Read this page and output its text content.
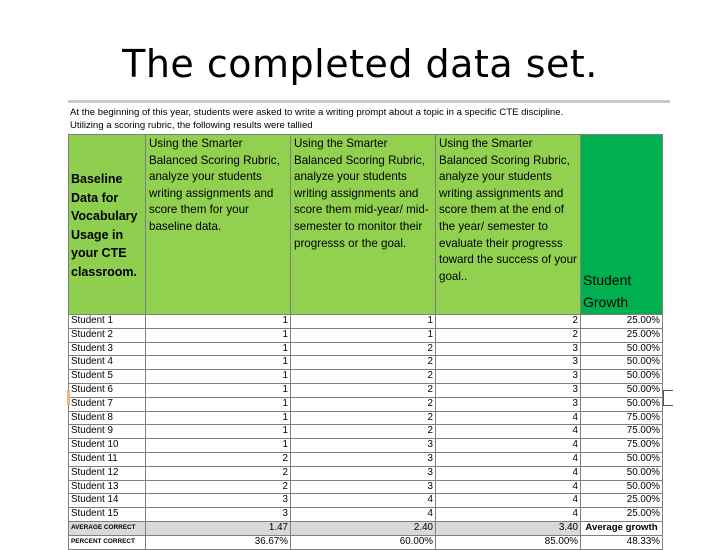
The completed data set.
At the beginning of this year, students were asked to write a writing prompt about a topic in a specific CTE discipline.
Utilizing a scoring rubric, the following results were tallied
Baseline Data for Vocabulary Usage in your CTE classroom.	Using the Smarter Balanced Scoring Rubric, analyze your students writing assignments and score them for your baseline data.	Using the Smarter Balanced Scoring Rubric, analyze your students writing assignments and score them mid-year/ mid-semester to monitor their progresss or the goal.	Using the Smarter Balanced Scoring Rubric, analyze your students writing assignments and score them at the end of the year/ semester to evaluate their progresss toward the success of your goal..	Student Growth
Student 1	1	1	2	25.00%
Student 2	1	1	2	25.00%
Student 3	1	2	3	50.00%
Student 4	1	2	3	50.00%
Student 5	1	2	3	50.00%
Student 6	1	2	3	50.00%
Student 7	1	2	3	50.00%
Student 8	1	2	4	75.00%
Student 9	1	2	4	75.00%
Student 10	1	3	4	75.00%
Student 11	2	3	4	50.00%
Student 12	2	3	4	50.00%
Student 13	2	3	4	50.00%
Student 14	3	4	4	25.00%
Student 15	3	4	4	25.00%
AVERAGE CORRECT	1.47	2.40	3.40	Average growth
PERCENT CORRECT	36.67%	60.00%	85.00%	48.33%
